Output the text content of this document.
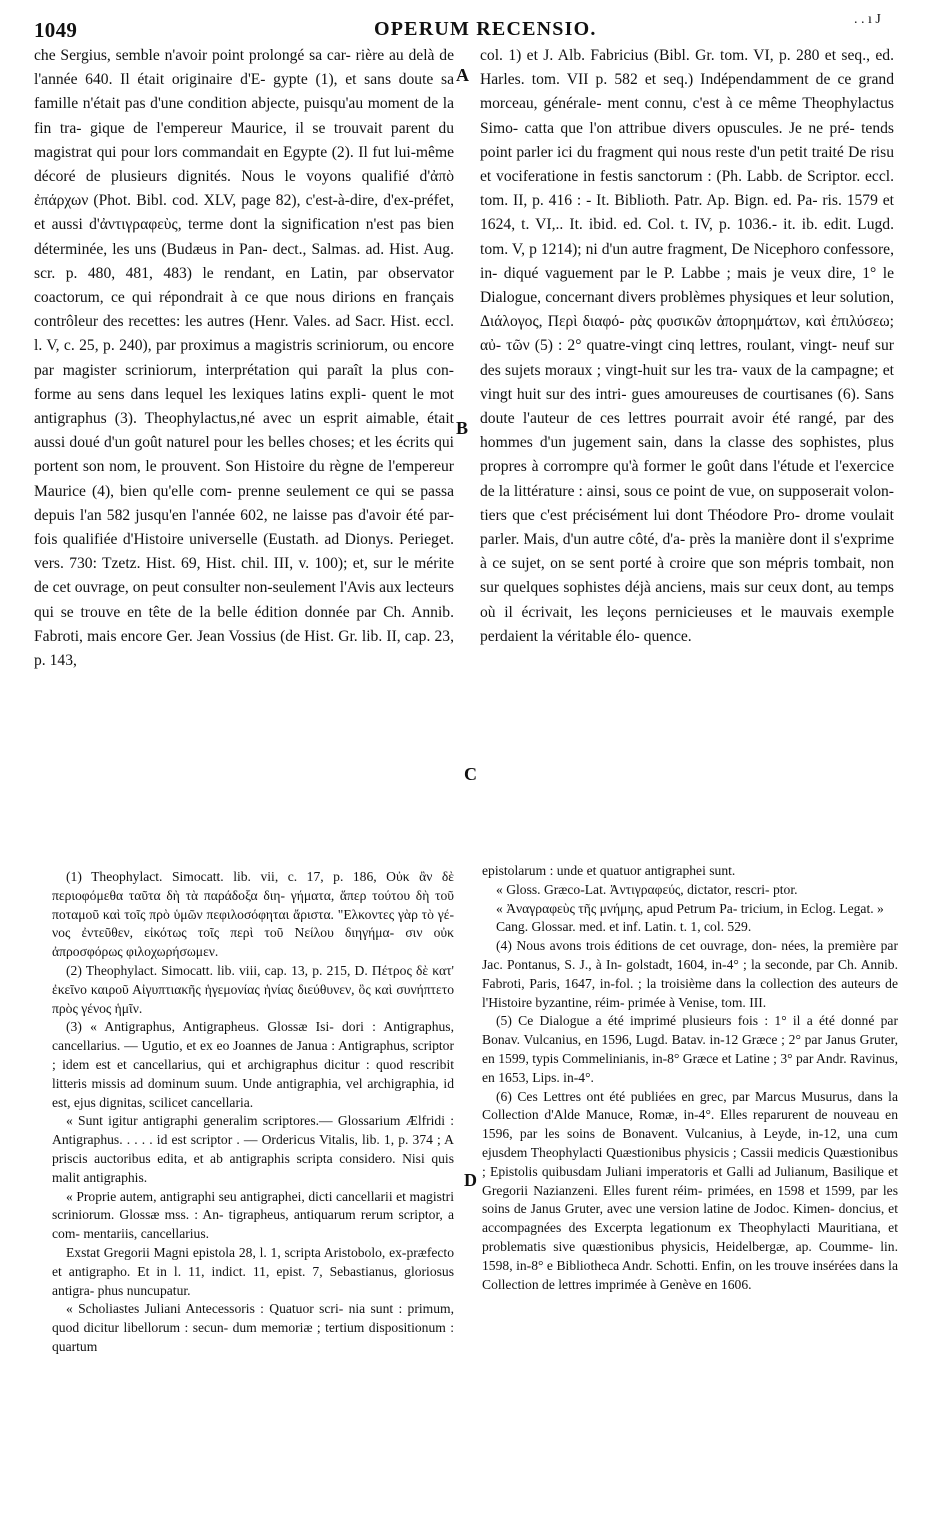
1049	OPERUM RECENSIO.	. . ı J
A
B
C
D

che Sergius, semble n'avoir point prolongé sa car- rière au delà de l'année 640. Il était originaire d'E- gypte (1), et sans doute sa famille n'était pas d'une condition abjecte, puisqu'au moment de la fin tra- gique de l'empereur Maurice, il se trouvait parent du magistrat qui pour lors commandait en Egypte (2). Il fut lui-même décoré de plusieurs dignités. Nous le voyons qualifié d'ἀπὸ ἐπάρχων (Phot. Bibl. cod. XLV, page 82), c'est-à-dire, d'ex-préfet, et aussi d'ἀντιγραφεὺς, terme dont la signification n'est pas bien déterminée, les uns (Budæus in Pan- dect., Salmas. ad. Hist. Aug. scr. p. 480, 481, 483) le rendant, en Latin, par observator coactorum, ce qui répondrait à ce que nous dirions en français contrôleur des recettes: les autres (Henr. Vales. ad Sacr. Hist. eccl. l. V, c. 25, p. 240), par proximus a magistris scriniorum, ou encore par magister scriniorum, interprétation qui paraît la plus con- forme au sens dans lequel les lexiques latins expli- quent le mot antigraphus (3). Theophylactus,né avec un esprit aimable, était aussi doué d'un goût naturel pour les belles choses; et les écrits qui portent son nom, le prouvent. Son Histoire du règne de l'empereur Maurice (4), bien qu'elle com- prenne seulement ce qui se passa depuis l'an 582 jusqu'en l'année 602, ne laisse pas d'avoir été par- fois qualifiée d'Histoire universelle (Eustath. ad Dionys. Perieget. vers. 730: Tzetz. Hist. 69, Hist. chil. III, v. 100); et, sur le mérite de cet ouvrage, on peut consulter non-seulement l'Avis aux lecteurs qui se trouve en tête de la belle édition donnée par Ch. Annib. Fabroti, mais encore Ger. Jean Vossius (de Hist. Gr. lib. II, cap. 23, p. 143,

col. 1) et J. Alb. Fabricius (Bibl. Gr. tom. VI, p. 280 et seq., ed. Harles. tom. VII p. 582 et seq.) Indépendamment de ce grand morceau, générale- ment connu, c'est à ce même Theophylactus Simo- catta que l'on attribue divers opuscules. Je ne pré- tends point parler ici du fragment qui nous reste d'un petit traité De risu et vociferatione in festis sanctorum : (Ph. Labb. de Scriptor. eccl. tom. II, p. 416 : - It. Biblioth. Patr. Ap. Bign. ed. Pa- ris. 1579 et 1624, t. VI,.. It. ibid. ed. Col. t. IV, p. 1036.- it. ib. edit. Lugd. tom. V, p 1214); ni d'un autre fragment, De Nicephoro confessore, in- diqué vaguement par le P. Labbe ; mais je veux dire, 1° le Dialogue, concernant divers problèmes physiques et leur solution, Διάλογος, Περὶ διαφό- ρὰς φυσικῶν ἀπορημάτων, καὶ ἐπιλύσεω; αὐ- τῶν (5) : 2° quatre-vingt cinq lettres, roulant, vingt- neuf sur des sujets moraux ; vingt-huit sur les tra- vaux de la campagne; et vingt huit sur des intri- gues amoureuses de courtisanes (6). Sans doute l'auteur de ces lettres pourrait avoir été rangé, par des hommes d'un jugement sain, dans la classe des sophistes, plus propres à corrompre qu'à former le goût dans l'étude et l'exercice de la littérature : ainsi, sous ce point de vue, on supposerait volon- tiers que c'est précisément lui dont Théodore Pro- drome voulait parler. Mais, d'un autre côté, d'a- près la manière dont il s'exprime à ce sujet, on se sent porté à croire que son mépris tombait, non sur quelques sophistes déjà anciens, mais sur ceux dont, au temps où il écrivait, les leçons pernicieuses et le mauvais exemple perdaient la véritable élo- quence.

(1) Theophylact. Simocatt. lib. vii, c. 17, p. 186, Οὐκ ἂν δὲ περιοφόμεθα ταῦτα δὴ τὰ παράδοξα διη- γήματα, ἅπερ τούτου δὴ τοῦ ποταμοῦ καὶ τοῖς πρὸ ὑμῶν πεφιλοσόφηται ἄριστα. "Ελκοντες γὰρ τὸ γέ- νος ἐντεῦθεν, εἰκότως τοῖς περὶ τοῦ Νείλου διηγήμα- σιν οὐκ ἀπροσφόρως φιλοχωρήσωμεν.

(2) Theophylact. Simocatt. lib. viii, cap. 13, p. 215, D. Πέτρος δὲ κατ' ἐκεῖνο καιροῦ Αἰγυπτιακῆς ἡγεμονίας ἡνίας διεύθυνεν, ὃς καὶ συνήπτετο πρὸς γένος ἡμῖν.

(3) « Antigraphus, Antigrapheus. Glossæ Isi- dori : Antigraphus, cancellarius. — Ugutio, et ex eo Joannes de Janua : Antigraphus, scriptor ; idem est et cancellarius, qui et archigraphus dicitur : quod rescribit litteris missis ad dominum suum. Unde antigraphia, vel archigraphia, id est, ejus dignitas, scilicet cancellaria.

« Sunt igitur antigraphi generalim scriptores.— Glossarium Ælfridi : Antigraphus. . . . . id est scriptor . — Ordericus Vitalis, lib. 1, p. 374 ; A priscis auctoribus edita, et ab antigraphis scripta considero. Nisi quis malit antigraphis.

« Proprie autem, antigraphi seu antigraphei, dicti cancellarii et magistri scriniorum. Glossæ mss. : An- tigrapheus, antiquarum rerum scriptor, a com- mentariis, cancellarius.

Exstat Gregorii Magni epistola 28, l. 1, scripta Aristobolo, ex-præfecto et antigrapho. Et in l. 11, indict. 11, epist. 7, Sebastianus, gloriosus antigra- phus nuncupatur.

« Scholiastes Juliani Antecessoris : Quatuor scri- nia sunt : primum, quod dicitur libellorum : secun- dum memoriæ ; tertium dispositionum : quartum

epistolarum : unde et quatuor antigraphei sunt.

« Gloss. Græco-Lat. Ἀντιγραφεύς, dictator, rescri- ptor.

« Ἀναγραφεὺς τῆς μνήμης, apud Petrum Pa- tricium, in Eclog. Legat. »

Cang. Glossar. med. et inf. Latin. t. 1, col. 529.

(4) Nous avons trois éditions de cet ouvrage, don- nées, la première par Jac. Pontanus, S. J., à In- golstadt, 1604, in-4° ; la seconde, par Ch. Annib. Fabroti, Paris, 1647, in-fol. ; la troisième dans la collection des auteurs de l'Histoire byzantine, réim- primée à Venise, tom. III.

(5) Ce Dialogue a été imprimé plusieurs fois : 1° il a été donné par Bonav. Vulcanius, en 1596, Lugd. Batav. in-12 Græce ; 2° par Janus Gruter, en 1599, typis Commelinianis, in-8° Græce et Latine ; 3° par Andr. Ravinus, en 1653, Lips. in-4°.

(6) Ces Lettres ont été publiées en grec, par Marcus Musurus, dans la Collection d'Alde Manuce, Romæ, in-4°. Elles reparurent de nouveau en 1596, par les soins de Bonavent. Vulcanius, à Leyde, in-12, una cum ejusdem Theophylacti Quæstionibus physicis ; Cassii medicis Quæstionibus ; Epistolis quibusdam Juliani imperatoris et Galli ad Julianum, Basilique et Gregorii Nazianzeni. Elles furent réim- primées, en 1598 et 1599, par les soins de Janus Gruter, avec une version latine de Jodoc. Kimen- doncius, et accompagnées des Excerpta legationum ex Theophylacti Mauritiana, et problematis sive quæstionibus physicis, Heidelbergæ, ap. Coumme- lin. 1598, in-8° e Bibliotheca Andr. Schotti. Enfin, on les trouve insérées dans la Collection de lettres imprimée à Genève en 1606.
